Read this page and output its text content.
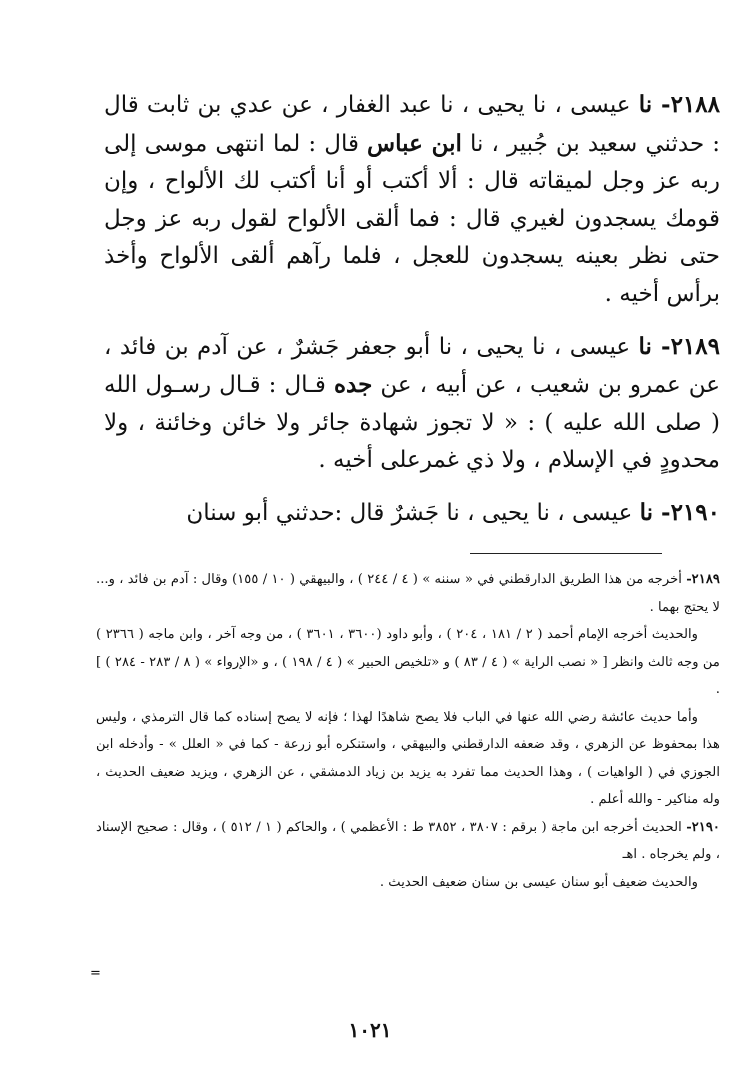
٢١٨٨- نا عيسى ، نا يحيى ، نا عبد الغفار ، عن عدي بن ثابت قال : حدثني سعيد بن جُبير ، نا ابن عباس قال : لما انتهى موسى إلى ربه عز وجل لميقاته قال : ألا أكتب أو أنا أكتب لك الألواح ، وإن قومك يسجدون لغيري قال : فما ألقى الألواح لقول ربه عز وجل حتى نظر بعينه يسجدون للعجل ، فلما رآهم ألقى الألواح وأخذ برأس أخيه .

٢١٨٩- نا عيسى ، نا يحيى ، نا أبو جعفر جَشرٌ ، عن آدم بن فائد ، عن عمرو بن شعيب ، عن أبيه ، عن جده قـال : قـال رسـول الله ( صلى الله عليه ) : « لا تجوز شهادة جائر ولا خائن وخائنة ، ولا محدودٍ في الإسلام ، ولا ذي غمرعلى أخيه .

٢١٩٠- نا عيسى ، نا يحيى ، نا جَشرٌ قال :حدثني أبو سنان

٢١٨٩- أخرجه من هذا الطريق الدارقطني في « سننه » ( ٤ / ٢٤٤ ) ، والبيهقي ( ١٠ / ١٥٥) وقال : آدم بن فائد ، و... لا يحتج بهما .

والحديث أخرجه الإمام أحمد ( ٢ / ١٨١ ، ٢٠٤ ) ، وأبو داود (٣٦٠٠ ، ٣٦٠١ ) ، من وجه آخر ، وابن ماجه ( ٢٣٦٦ ) من وجه ثالث وانظر [ « نصب الراية » ( ٤ / ٨٣ ) و «تلخيص الحبير » ( ٤ / ١٩٨ ) ، و «الإرواء » ( ٨ / ٢٨٣ - ٢٨٤ ) ] .

وأما حديث عائشة رضي الله عنها في الباب فلا يصح شاهدًا لهذا ؛ فإنه لا يصح إسناده كما قال الترمذي ، وليس هذا بمحفوظ عن الزهري ، وقد ضعفه الدارقطني والبيهقي ، واستنكره أبو زرعة - كما في « العلل » - وأدخله ابن الجوزي في ( الواهيات ) ، وهذا الحديث مما تفرد به يزيد بن زياد الدمشقي ، عن الزهري ، ويزيد ضعيف الحديث ، وله مناكير - والله أعلم .

٢١٩٠- الحديث أخرجه ابن ماجة ( برقم : ٣٨٠٧ ، ٣٨٥٢ ط : الأعظمي ) ، والحاكم ( ١ / ٥١٢ ) ، وقال : صحيح الإسناد ، ولم يخرجاه . اهـ

والحديث ضعيف أبو سنان عيسى بن سنان ضعيف الحديث .

=
١٠٢١
